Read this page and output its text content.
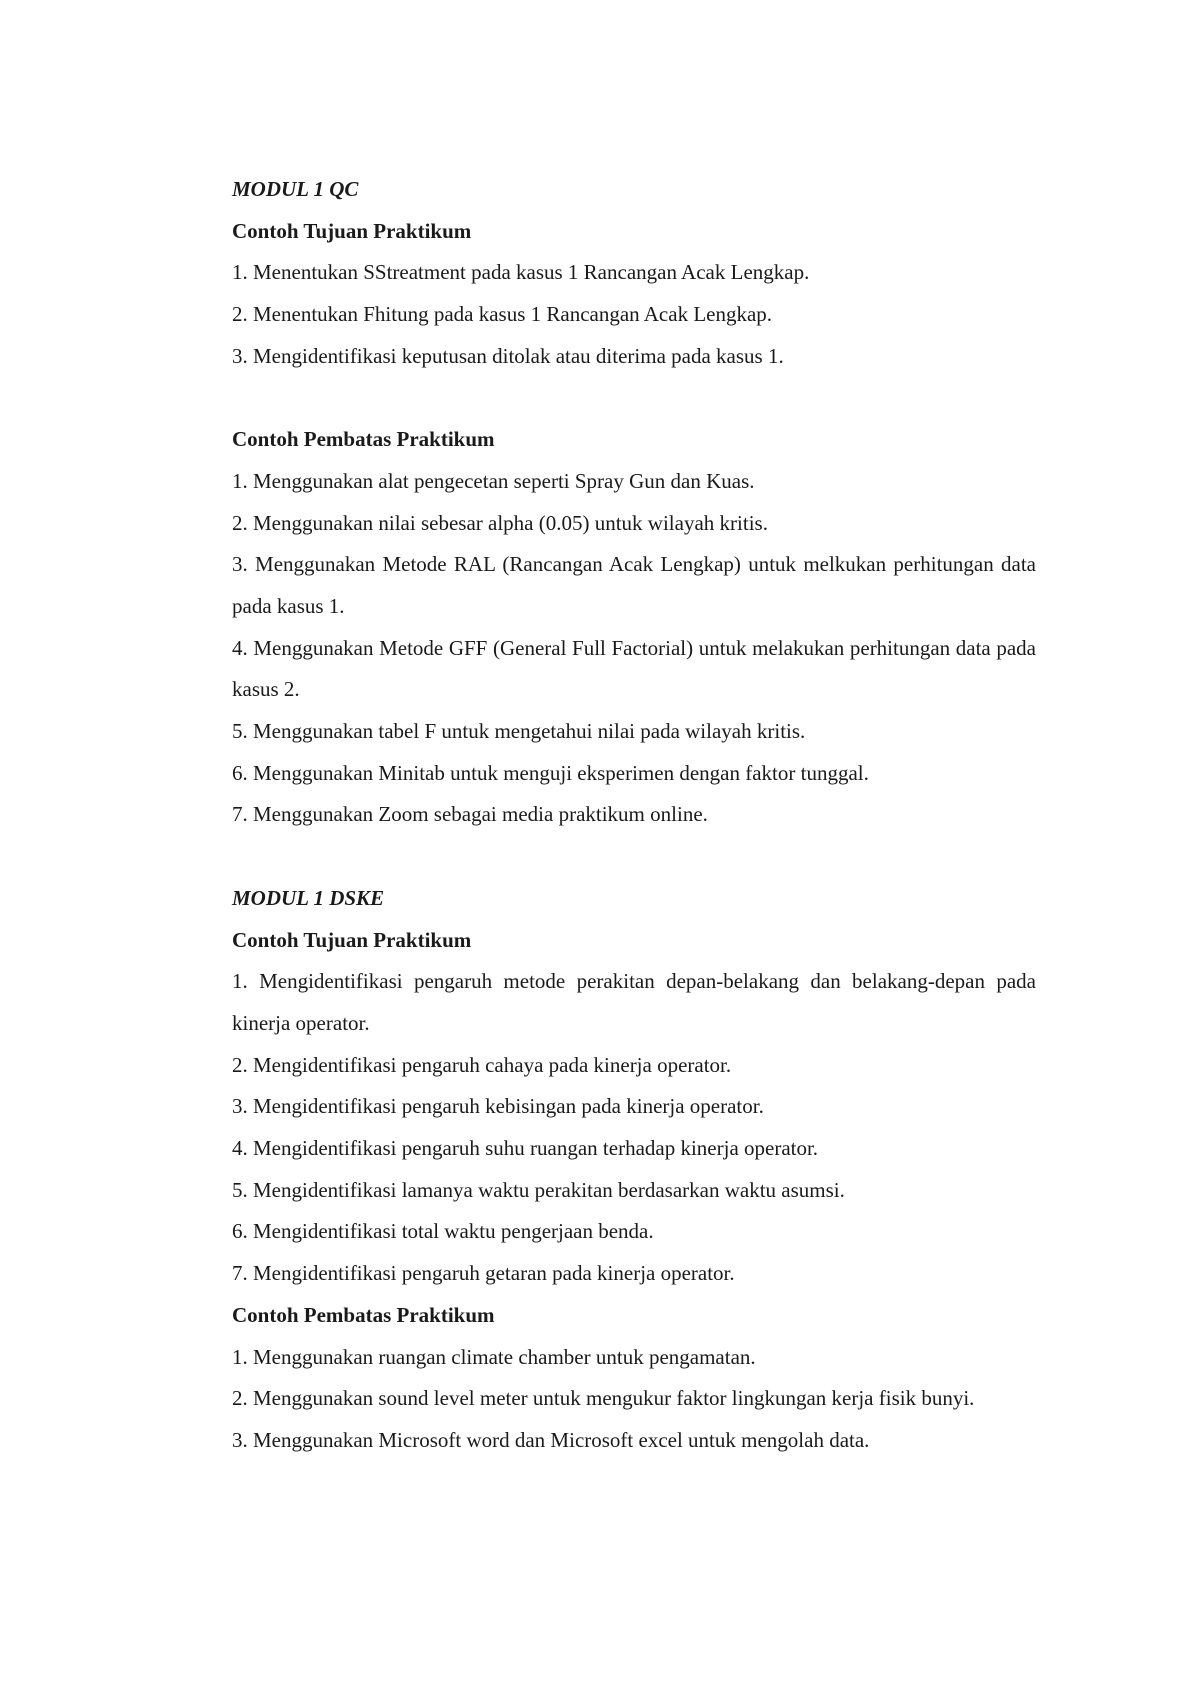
MODUL 1 QC

Contoh Tujuan Praktikum

1. Menentukan SStreatment pada kasus 1 Rancangan Acak Lengkap.

2. Menentukan Fhitung pada kasus 1 Rancangan Acak Lengkap.

3. Mengidentifikasi keputusan ditolak atau diterima pada kasus 1.

Contoh Pembatas Praktikum

1. Menggunakan alat pengecetan seperti Spray Gun dan Kuas.

2. Menggunakan nilai sebesar alpha (0.05) untuk wilayah kritis.

3. Menggunakan Metode RAL (Rancangan Acak Lengkap) untuk melkukan perhitungan data pada kasus 1.

4. Menggunakan Metode GFF (General Full Factorial) untuk melakukan perhitungan data pada kasus 2.

5. Menggunakan tabel F untuk mengetahui nilai pada wilayah kritis.

6. Menggunakan Minitab untuk menguji eksperimen dengan faktor tunggal.

7. Menggunakan Zoom sebagai media praktikum online.

MODUL 1 DSKE

Contoh Tujuan Praktikum

1. Mengidentifikasi pengaruh metode perakitan depan-belakang dan belakang-depan pada kinerja operator.

2. Mengidentifikasi pengaruh cahaya pada kinerja operator.

3. Mengidentifikasi pengaruh kebisingan pada kinerja operator.

4. Mengidentifikasi pengaruh suhu ruangan terhadap kinerja operator.

5. Mengidentifikasi lamanya waktu perakitan berdasarkan waktu asumsi.

6. Mengidentifikasi total waktu pengerjaan benda.

7. Mengidentifikasi pengaruh getaran pada kinerja operator.

Contoh Pembatas Praktikum

1. Menggunakan ruangan climate chamber untuk pengamatan.

2. Menggunakan sound level meter untuk mengukur faktor lingkungan kerja fisik bunyi.

3. Menggunakan Microsoft word dan Microsoft excel untuk mengolah data.
